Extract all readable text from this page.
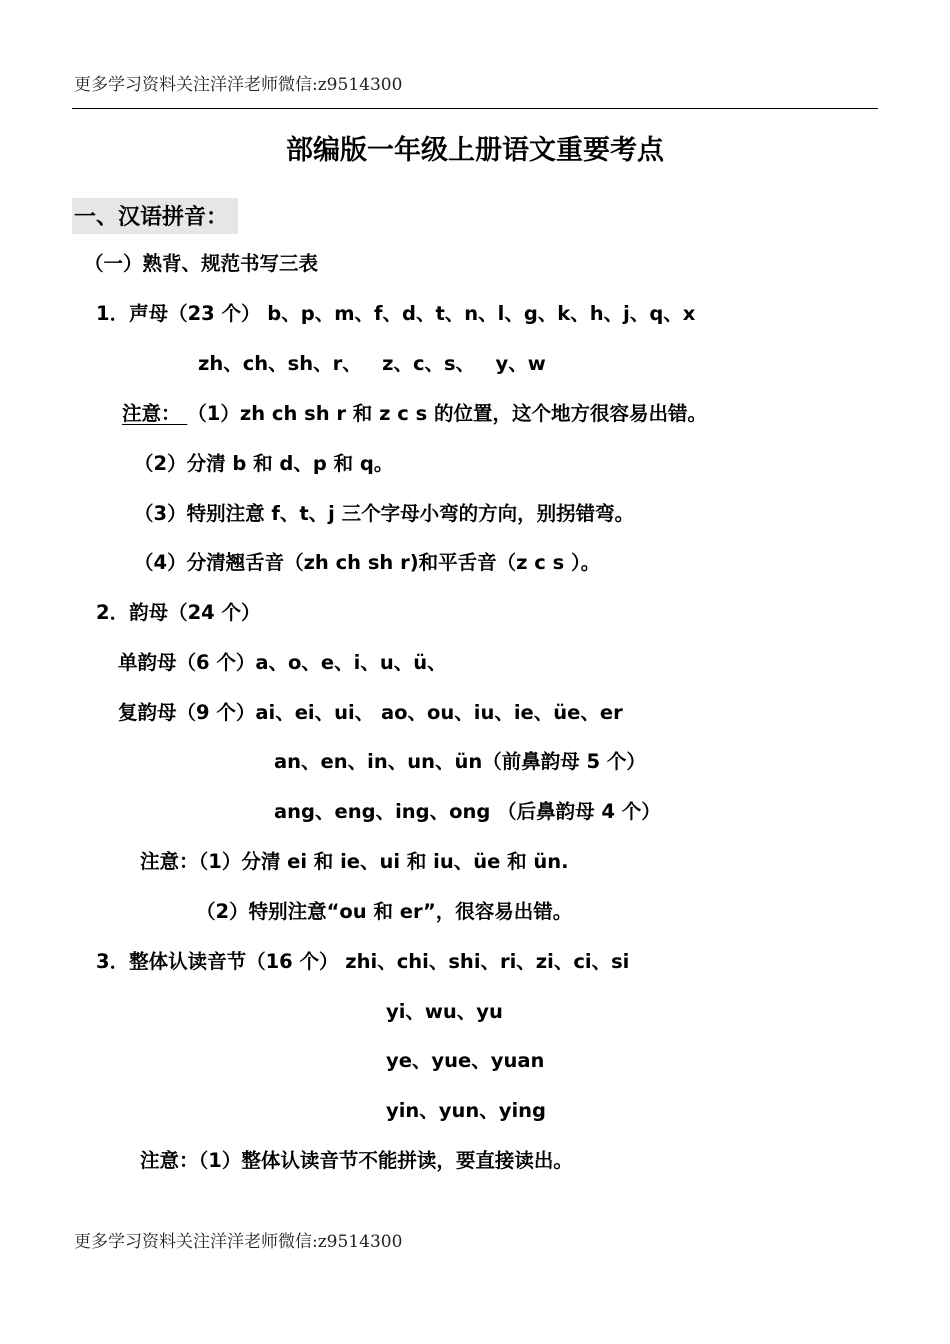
更多学习资料关注洋洋老师微信:z9514300
部编版一年级上册语文重要考点
一、汉语拼音：
（一）熟背、规范书写三表
1．声母（23 个） b、p、m、f、d、t、n、l、g、k、h、j、q、x
zh、ch、sh、r、   z、c、s、   y、w
注意： （1）zh ch sh r 和 z c s 的位置，这个地方很容易出错。
（2）分清 b 和 d、p 和 q。
（3）特别注意 f、t、j 三个字母小弯的方向，别拐错弯。
（4）分清翘舌音（zh ch sh r)和平舌音（z c s ）。
2．韵母（24 个）
单韵母（6 个）a、o、e、i、u、ü、
复韵母（9 个）ai、ei、ui、 ao、ou、iu、ie、üe、er
an、en、in、un、ün（前鼻韵母 5 个）
ang、eng、ing、ong （后鼻韵母 4 个）
注意：（1）分清 ei 和 ie、ui 和 iu、üe 和 ün.
（2）特别注意“ou 和 er”，很容易出错。
3．整体认读音节（16 个） zhi、chi、shi、ri、zi、ci、si
yi、wu、yu
ye、yue、yuan
yin、yun、ying
注意：（1）整体认读音节不能拼读，要直接读出。
更多学习资料关注洋洋老师微信:z9514300
